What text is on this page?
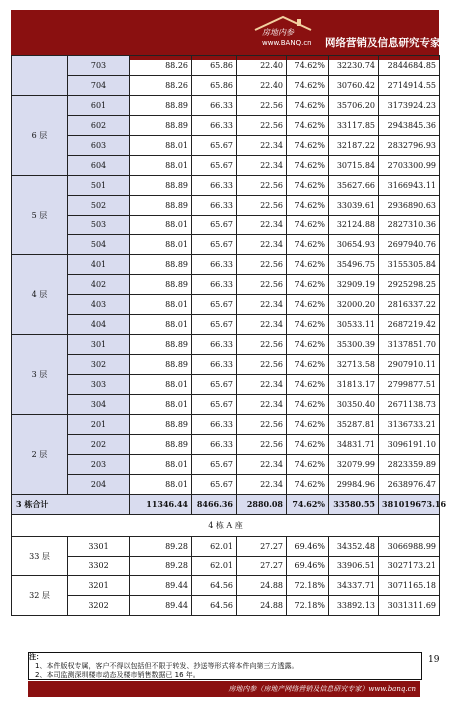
房地内参
www.BANQ.cn 网络营销及信息研究专家
	703	88.26	65.86	22.40	74.62%	32230.74	2844684.85
	704	88.26	65.86	22.40	74.62%	30760.42	2714914.55
6 层	601	88.89	66.33	22.56	74.62%	35706.20	3173924.23
	602	88.89	66.33	22.56	74.62%	33117.85	2943845.36
	603	88.01	65.67	22.34	74.62%	32187.22	2832796.93
	604	88.01	65.67	22.34	74.62%	30715.84	2703300.99
5 层	501	88.89	66.33	22.56	74.62%	35627.66	3166943.11
	502	88.89	66.33	22.56	74.62%	33039.61	2936890.63
	503	88.01	65.67	22.34	74.62%	32124.88	2827310.36
	504	88.01	65.67	22.34	74.62%	30654.93	2697940.76
4 层	401	88.89	66.33	22.56	74.62%	35496.75	3155305.84
	402	88.89	66.33	22.56	74.62%	32909.19	2925298.25
	403	88.01	65.67	22.34	74.62%	32000.20	2816337.22
	404	88.01	65.67	22.34	74.62%	30533.11	2687219.42
3 层	301	88.89	66.33	22.56	74.62%	35300.39	3137851.70
	302	88.89	66.33	22.56	74.62%	32713.58	2907910.11
	303	88.01	65.67	22.34	74.62%	31813.17	2799877.51
	304	88.01	65.67	22.34	74.62%	30350.40	2671138.73
2 层	201	88.89	66.33	22.56	74.62%	35287.81	3136733.21
	202	88.89	66.33	22.56	74.62%	34831.71	3096191.10
	203	88.01	65.67	22.34	74.62%	32079.99	2823359.89
	204	88.01	65.67	22.34	74.62%	29984.96	2638976.47
3 栋合计		11346.44	8466.36	2880.08	74.62%	33580.55	381019673.16
4 栋 A 座							
33 层	3301	89.28	62.01	27.27	69.46%	34352.48	3066988.99
	3302	89.28	62.01	27.27	69.46%	33906.51	3027173.21
32 层	3201	89.44	64.56	24.88	72.18%	34337.71	3071165.18
	3202	89.44	64.56	24.88	72.18%	33892.13	3031311.69
注：
1、本件版权专属，客户不得以包括但不限于转发、抄送等形式将本件向第三方透露。
2、本司监测深圳楼市动态及楼市销售数据已 16 年。
19
房地内参（房地产网络营销及信息研究专家）www.banq.cn
